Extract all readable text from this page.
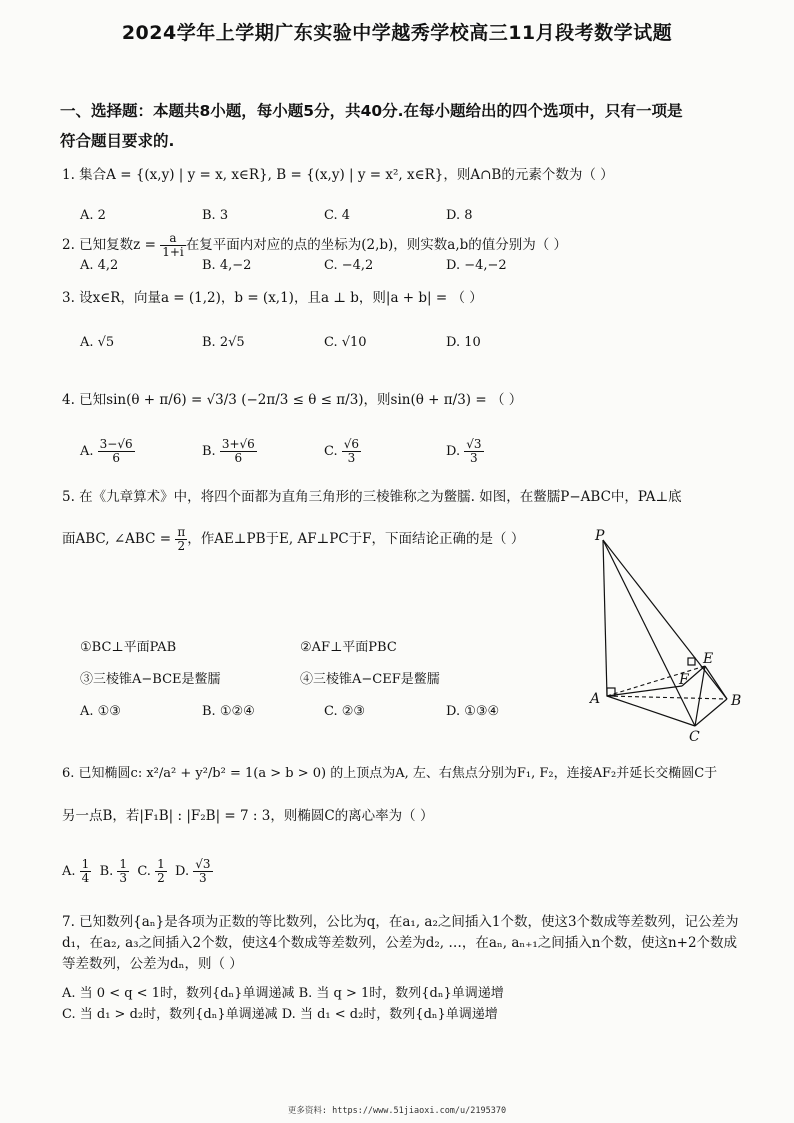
2024学年上学期广东实验中学越秀学校高三11月段考数学试题
一、选择题：本题共8小题，每小题5分，共40分.在每小题给出的四个选项中，只有一项是
符合题目要求的.
1. 集合A = {(x,y) | y = x, x∈R}, B = {(x,y) | y = x², x∈R}，则A∩B的元素个数为（ ）
A. 2	B. 3	C. 4	D. 8
2. 已知复数$z = \frac{a}{1+i}$ 在复平面内对应的点的坐标为(2,b)，则实数a,b的值分别为（ ）
A. 4,2	B. 4,−2	C. −4,2	D. −4,−2
3. 设x∈R，向量a = (1,2)，b = (x,1)，且a ⊥ b，则|a + b| = （ ）
A. √5	B. 2√5	C. √10	D. 10
4. 已知sin(θ + π/6) = √3/3 (−2π/3 ≤ θ ≤ π/3)，则sin(θ + π/3) = （ ）
A. $\frac{3-√6}{6}$	B. $\frac{3+√6}{6}$	C. $\frac{√6}{3}$	D. $\frac{√3}{3}$
5. 在《九章算术》中，将四个面都为直角三角形的三棱锥称之为鳖臑. 如图，在鳖臑P−ABC中，PA⊥底
面ABC, ∠ABC = $\frac{\pi}{2}$ ，作AE⊥PB于E, AF⊥PC于F，下面结论正确的是（ ）
①BC⊥平面PAB	②AF⊥平面PBC
③三棱锥A−BCE是鳖臑	④三棱锥A−CEF是鳖臑
A. ①③	B. ①②④	C. ②③	D. ①③④
P
A	B
C
E
F
6. 已知椭圆c: x²/a² + y²/b² = 1(a > b > 0) 的上顶点为A, 左、右焦点分别为F₁, F₂，连接AF₂并延长交椭圆C于
另一点B，若|F₁B| : |F₂B| = 7 : 3，则椭圆C的离心率为（ ）
A. $\frac{1}{4} B$. $\frac{1}{3} C$. $\frac{1}{2} D$. $\frac{√3}{3}$
7. 已知数列{aₙ}是各项为正数的等比数列，公比为q，在a₁, a₂之间插入1个数，使这3个数成等差数列，记公差为d₁，在a₂, a₃之间插入2个数，使这4个数成等差数列，公差为d₂, …，在aₙ, aₙ₊₁之间插入n个数，使这n+2个数成等差数列，公差为dₙ，则（ ）
A. 当 0 < q < 1时，数列{dₙ}单调递减 B. 当 q > 1时，数列{dₙ}单调递增
C. 当 d₁ > d₂时，数列{dₙ}单调递减 D. 当 d₁ < d₂时，数列{dₙ}单调递增
更多资料: https://www.51jiaoxi.com/u/2195370
